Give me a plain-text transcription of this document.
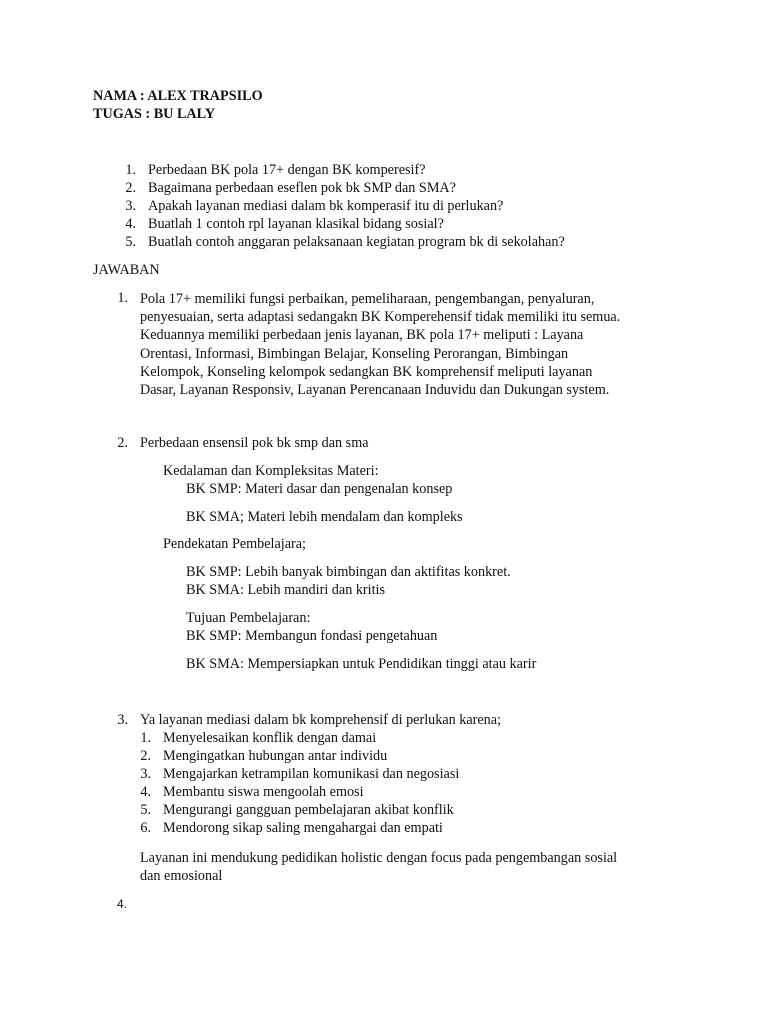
NAMA : ALEX TRAPSILO
TUGAS : BU LALY
1. Perbedaan BK pola 17+ dengan BK komperesif?
2. Bagaimana perbedaan eseflen pok bk SMP dan SMA?
3. Apakah layanan mediasi dalam bk komperasif itu di perlukan?
4. Buatlah 1 contoh rpl layanan klasikal bidang sosial?
5. Buatlah contoh anggaran pelaksanaan kegiatan program bk di sekolahan?
JAWABAN
1. Pola 17+ memiliki fungsi perbaikan, pemeliharaan, pengembangan, penyaluran,
penyesuaian, serta adaptasi sedangakn BK Komperehensif tidak memiliki itu semua.
Keduannya memiliki perbedaan jenis layanan, BK pola 17+ meliputi : Layana
Orentasi, Informasi, Bimbingan Belajar, Konseling Perorangan, Bimbingan
Kelompok, Konseling kelompok sedangkan BK komprehensif meliputi layanan
Dasar, Layanan Responsiv, Layanan Perencanaan Induvidu dan Dukungan system.
2. Perbedaan ensensil pok bk smp dan sma
Kedalaman dan Kompleksitas Materi:
BK SMP: Materi dasar dan pengenalan konsep
BK SMA; Materi lebih mendalam dan kompleks
Pendekatan Pembelajara;
BK SMP: Lebih banyak bimbingan dan aktifitas konkret.
BK SMA: Lebih mandiri dan kritis
Tujuan Pembelajaran:
BK SMP: Membangun fondasi pengetahuan
BK SMA: Mempersiapkan untuk Pendidikan tinggi atau karir
3. Ya layanan mediasi dalam bk komprehensif di perlukan karena;
1. Menyelesaikan konflik dengan damai
2. Mengingatkan hubungan antar individu
3. Mengajarkan ketrampilan komunikasi dan negosiasi
4. Membantu siswa mengoolah emosi
5. Mengurangi gangguan pembelajaran akibat konflik
6. Mendorong sikap saling mengahargai dan empati
Layanan ini mendukung pedidikan holistic dengan focus pada pengembangan sosial
dan emosional
4.
